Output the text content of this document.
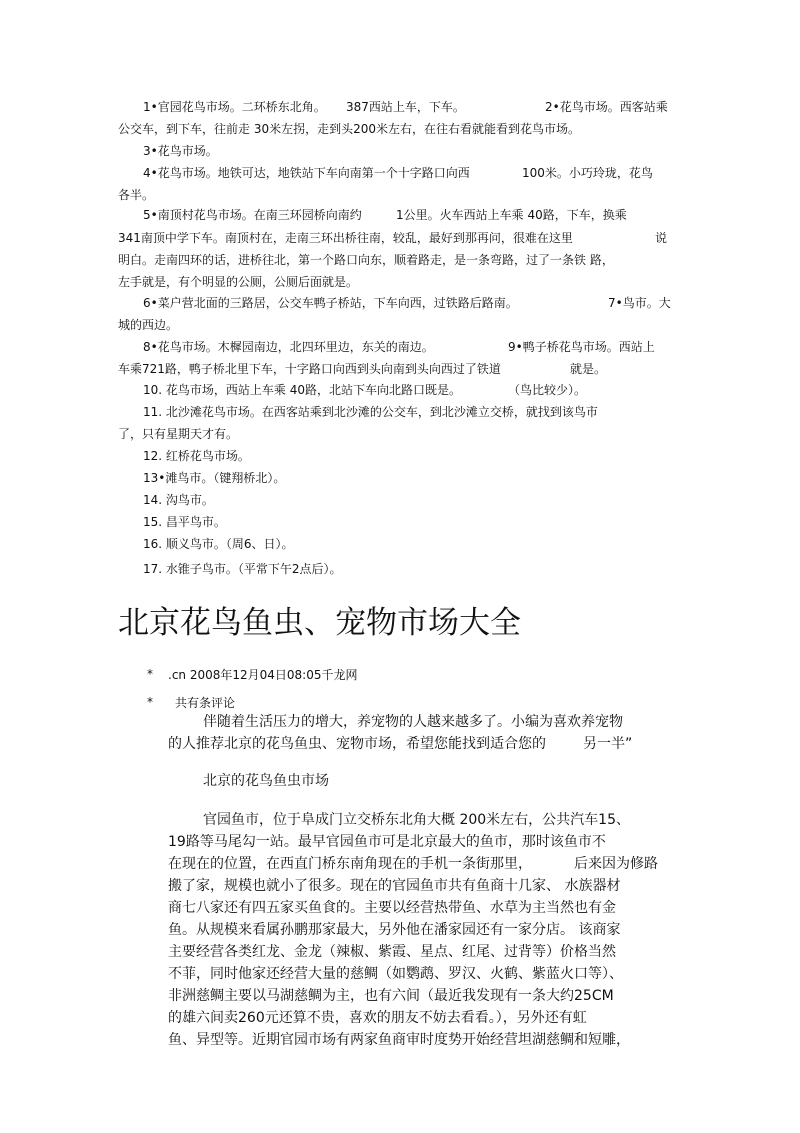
1•官园花鸟市场。二环桥东北角。 387西站上车，下车。	2•花鸟市场。西客站乘
公交车，到下车，往前走 30米左拐，走到头200米左右，在往右看就能看到花鸟市场。
3•花鸟市场。
4•花鸟市场。地铁可达，地铁站下车向南第一个十字路口向西	100米。小巧玲珑，花鸟
各半。
5•南顶村花鸟市场。在南三环园桥向南约	1公里。火车西站上车乘 40路，下车，换乘
341南顶中学下车。南顶村在，走南三环出桥往南，较乱，最好到那再问，很难在这里	说
明白。走南四环的话，进桥往北，第一个路口向东，顺着路走，是一条弯路，过了一条铁 路，
左手就是，有个明显的公厕，公厕后面就是。
6•菜户营北面的三路居，公交车鸭子桥站，下车向西，过铁路后路南。	7•鸟市。大
城的西边。
8•花鸟市场。木樨园南边，北四环里边，东关的南边。	9•鸭子桥花鸟市场。西站上
车乘721路，鸭子桥北里下车，十字路口向西到头向南到头向西过了铁道	就是。
10. 花鸟市场，西站上车乘 40路，北站下车向北路口既是。	（鸟比较少）。
11. 北沙滩花鸟市场。在西客站乘到北沙滩的公交车，到北沙滩立交桥，就找到该鸟市
了，只有星期天才有。
12. 红桥花鸟市场。
13•滩鸟市。（键翔桥北）。
14. 沟鸟市。
15. 昌平鸟市。
16. 顺义鸟市。（周6、日）。
17. 水锥子鸟市。（平常下午2点后）。
北京花鸟鱼虫、宠物市场大全
* .cn 2008年12月04日08:05千龙网
* 共有条评论
伴随着生活压力的增大，养宠物的人越来越多了。小编为喜欢养宠物
的人推荐北京的花鸟鱼虫、宠物市场，希望您能找到适合您的	另一半”
北京的花鸟鱼虫市场
官园鱼市，位于阜成门立交桥东北角大概 200米左右，公共汽车15、
19路等马尾勾一站。最早官园鱼市可是北京最大的鱼市，那时该鱼市不
在现在的位置，在西直门桥东南角现在的手机一条街那里，	后来因为修路
搬了家，规模也就小了很多。现在的官园鱼市共有鱼商十几家、 水族器材
商七八家还有四五家买鱼食的。主要以经营热带鱼、水草为主当然也有金
鱼。从规模来看属孙鹏那家最大，另外他在潘家园还有一家分店。 该商家
主要经营各类红龙、金龙（辣椒、紫霞、星点、红尾、过背等）价格当然
不菲，同时他家还经营大量的慈鲷（如鹦鹉、罗汉、火鹤、紫蓝火口等）、
非洲慈鲷主要以马湖慈鲷为主，也有六间（最近我发现有一条大约25CM
的雄六间卖260元还算不贵，喜欢的朋友不妨去看看。），另外还有虹
鱼、异型等。近期官园市场有两家鱼商审时度势开始经营坦湖慈鲷和短雕，
